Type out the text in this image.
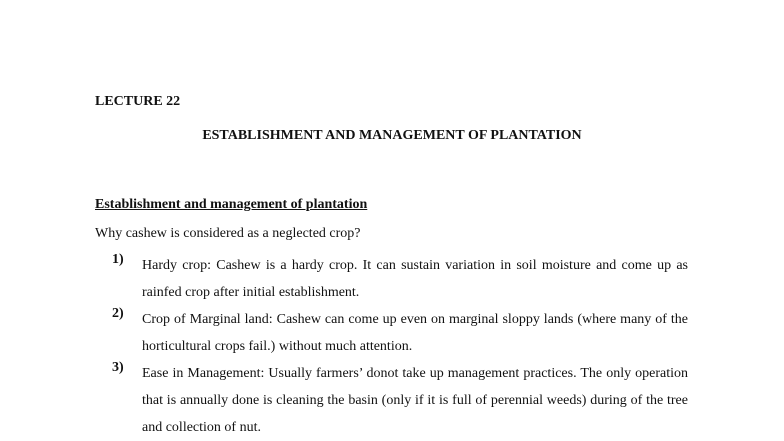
LECTURE 22
ESTABLISHMENT AND MANAGEMENT OF PLANTATION
Establishment and management of plantation
Why cashew is considered as a neglected crop?
1) Hardy crop: Cashew is a hardy crop. It can sustain variation in soil moisture and come up as rainfed crop after initial establishment.
2) Crop of Marginal land: Cashew can come up even on marginal sloppy lands (where many of the horticultural crops fail.) without much attention.
3) Ease in Management: Usually farmers’ donot take up management practices. The only operation that is annually done is cleaning the basin (only if it is full of perennial weeds) during of the tree and collection of nut.
